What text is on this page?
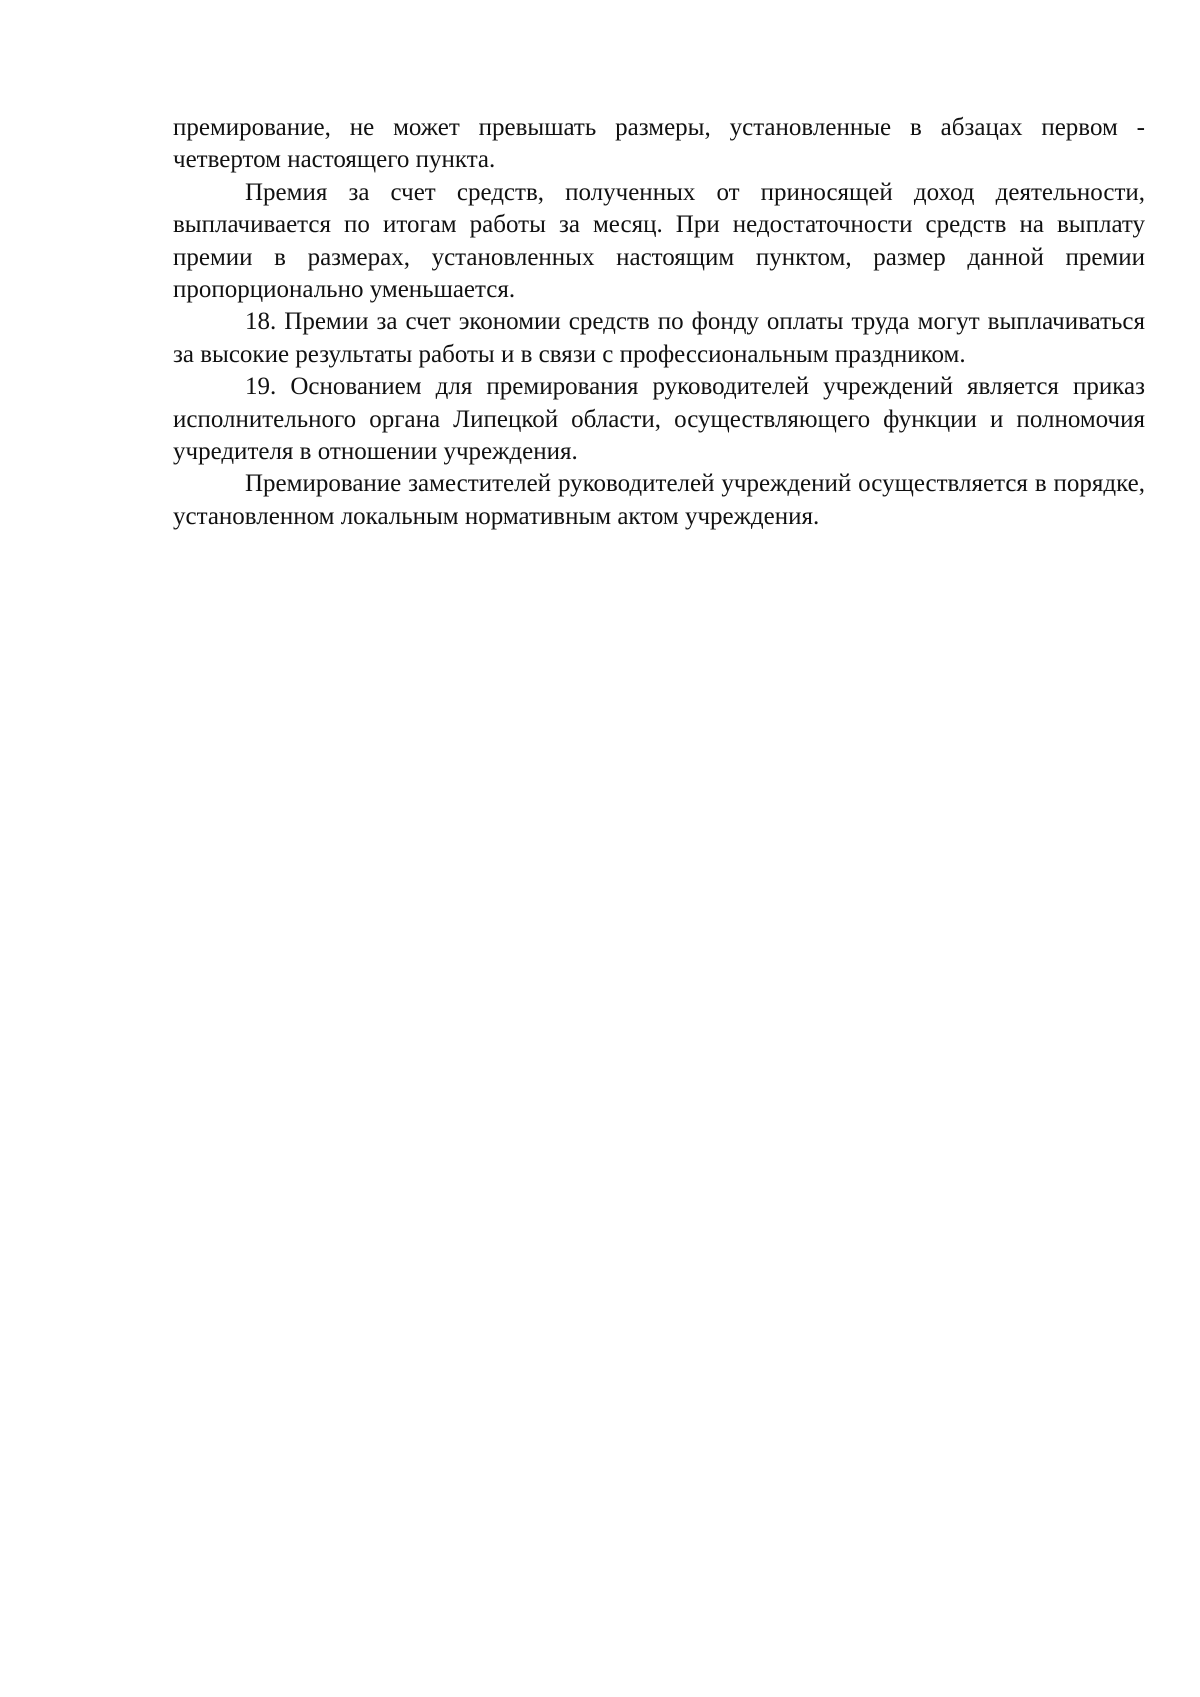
премирование, не может превышать размеры, установленные в абзацах первом - четвертом настоящего пункта.

Премия за счет средств, полученных от приносящей доход деятельности, выплачивается по итогам работы за месяц. При недостаточности средств на выплату премии в размерах, установленных настоящим пунктом, размер данной премии пропорционально уменьшается.

18. Премии за счет экономии средств по фонду оплаты труда могут выплачиваться за высокие результаты работы и в связи с профессиональным праздником.

19. Основанием для премирования руководителей учреждений является приказ исполнительного органа Липецкой области, осуществляющего функции и полномочия учредителя в отношении учреждения.

Премирование заместителей руководителей учреждений осуществляется в порядке, установленном локальным нормативным актом учреждения.
